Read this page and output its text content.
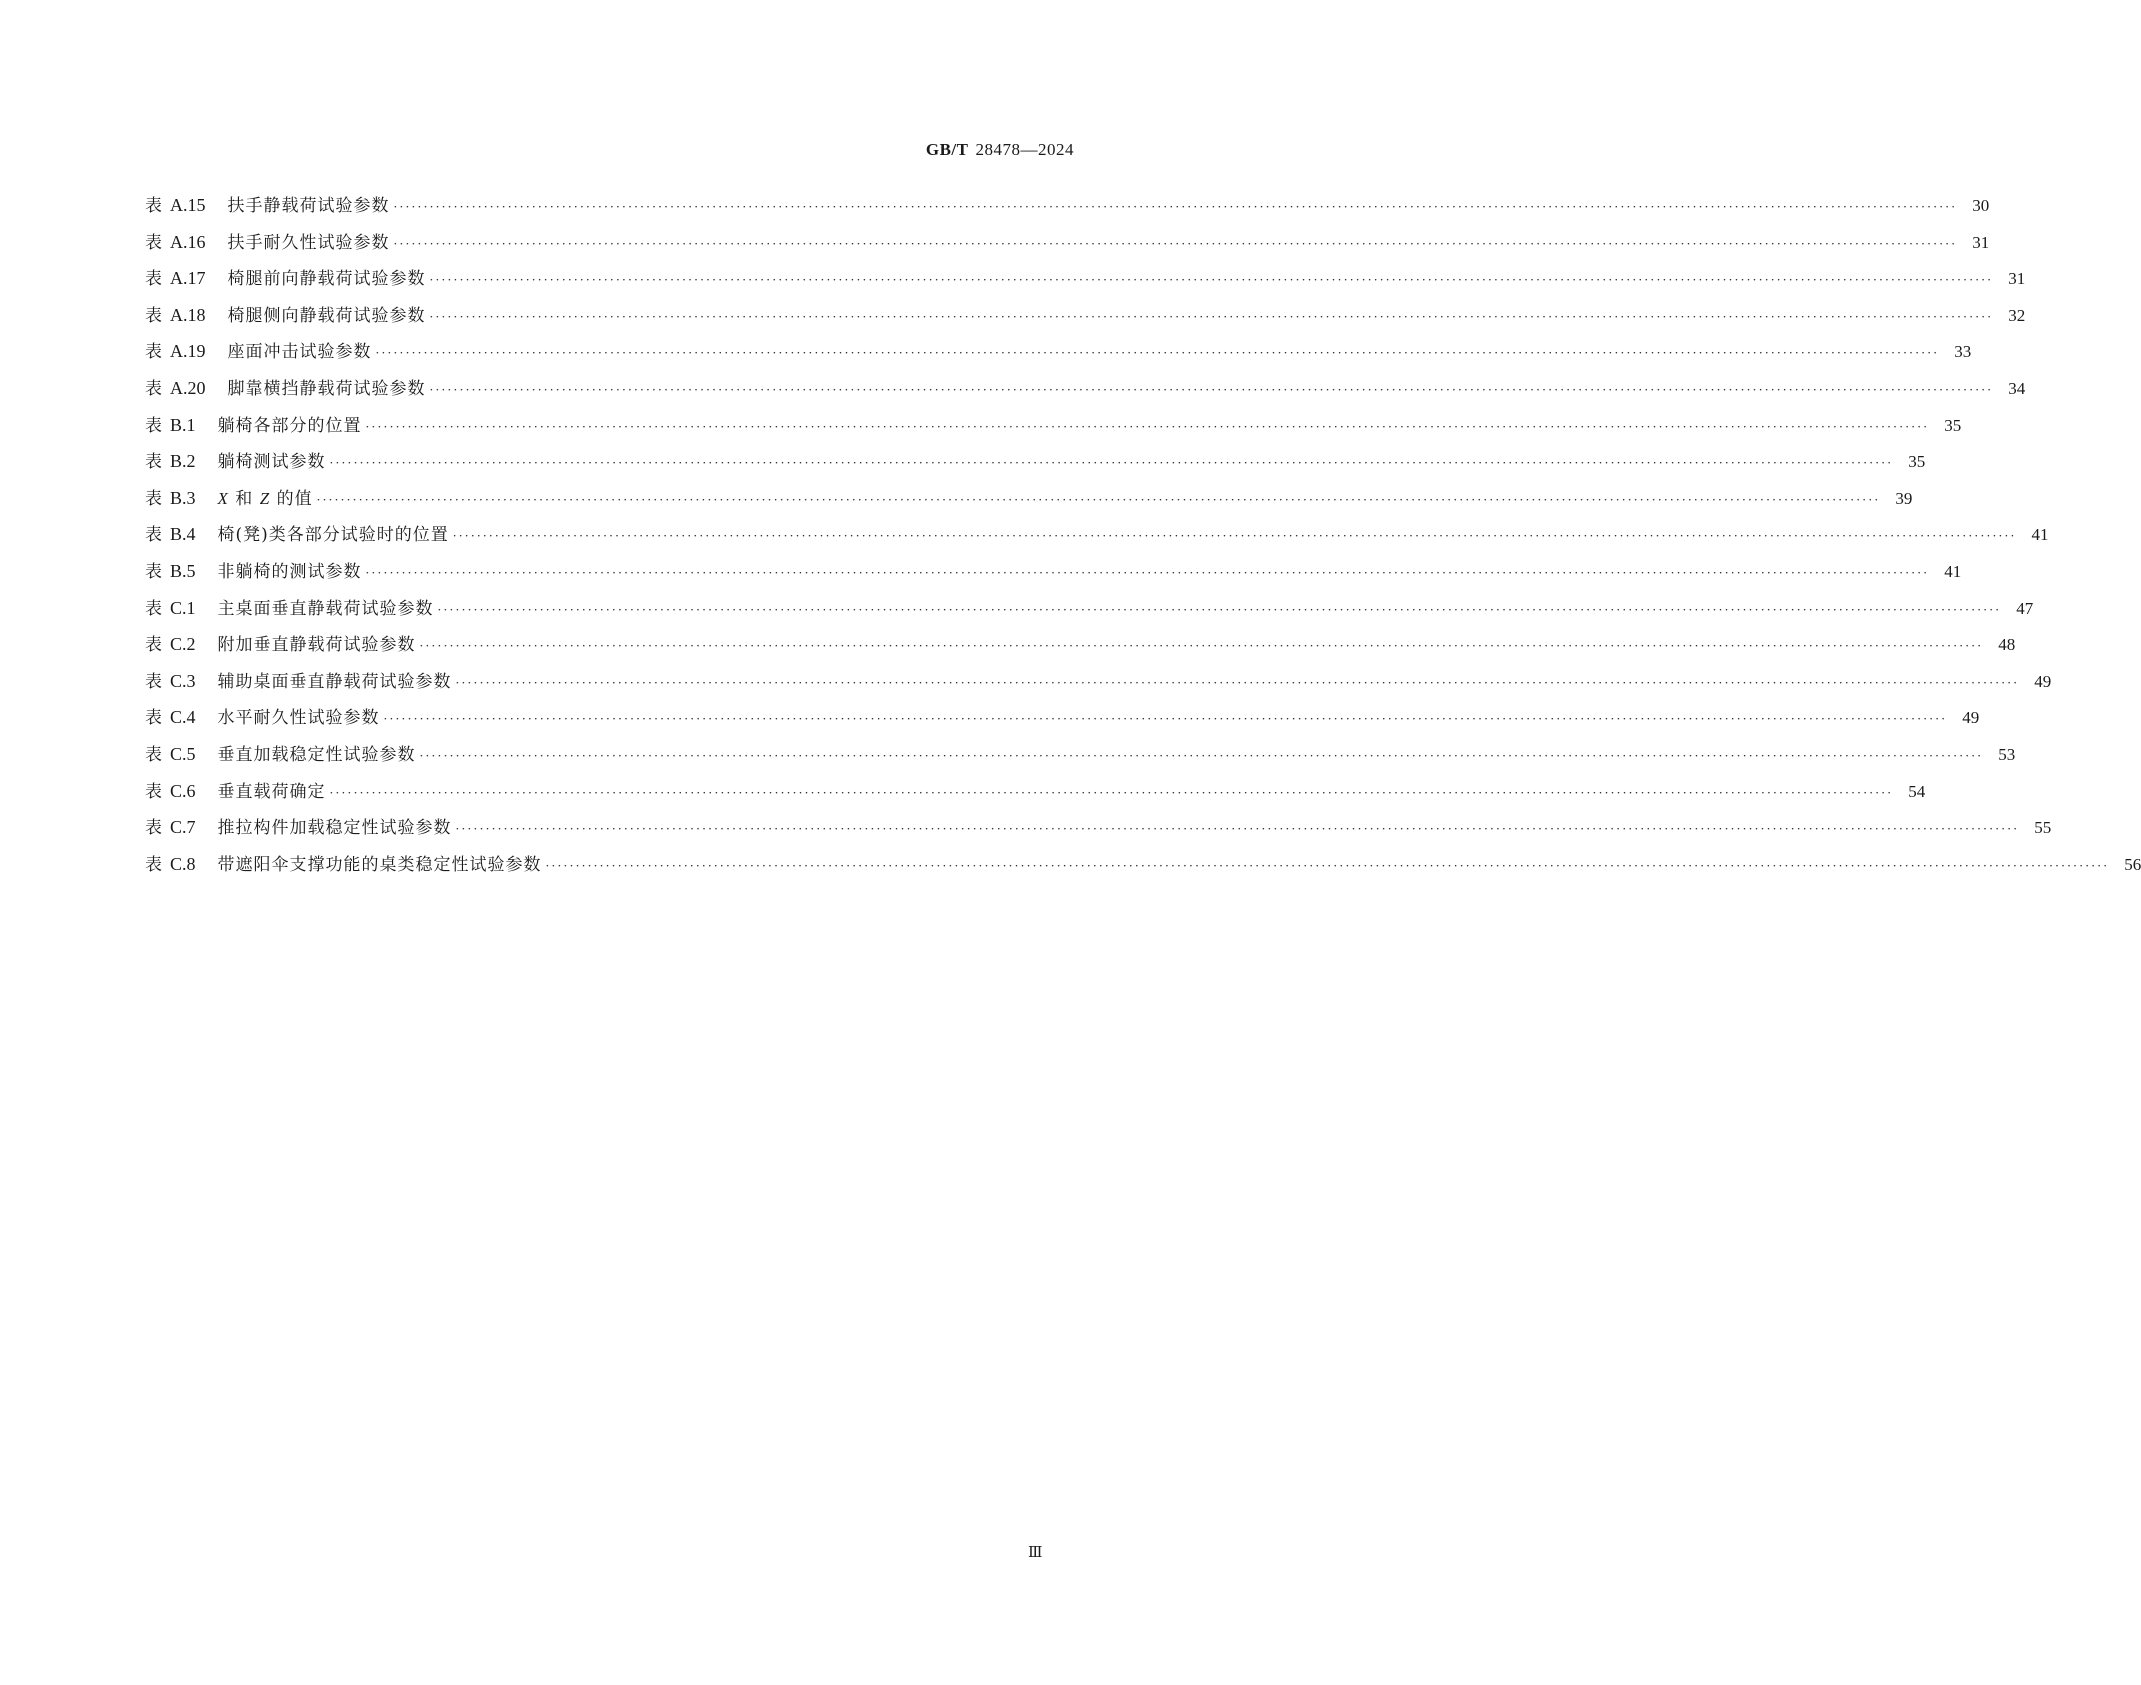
GB/T 28478—2024
表 A.15 扶手静载荷试验参数 ···································································································································································································································································· 30
表 A.16 扶手耐久性试验参数 ···································································································································································································································································· 31
表 A.17 椅腿前向静载荷试验参数 ···································································································································································································································································· 31
表 A.18 椅腿侧向静载荷试验参数 ···································································································································································································································································· 32
表 A.19 座面冲击试验参数 ···································································································································································································································································· 33
表 A.20 脚靠横挡静载荷试验参数 ···································································································································································································································································· 34
表 B.1 躺椅各部分的位置 ···································································································································································································································································· 35
表 B.2 躺椅测试参数 ···································································································································································································································································· 35
表 B.3 X 和 Z 的值 ···································································································································································································································································· 39
表 B.4 椅(凳)类各部分试验时的位置 ···································································································································································································································································· 41
表 B.5 非躺椅的测试参数 ···································································································································································································································································· 41
表 C.1 主桌面垂直静载荷试验参数 ···································································································································································································································································· 47
表 C.2 附加垂直静载荷试验参数 ···································································································································································································································································· 48
表 C.3 辅助桌面垂直静载荷试验参数 ···································································································································································································································································· 49
表 C.4 水平耐久性试验参数 ···································································································································································································································································· 49
表 C.5 垂直加载稳定性试验参数 ···································································································································································································································································· 53
表 C.6 垂直载荷确定 ···································································································································································································································································· 54
表 C.7 推拉构件加载稳定性试验参数 ···································································································································································································································································· 55
表 C.8 带遮阳伞支撑功能的桌类稳定性试验参数 ···································································································································································································································································· 56
Ⅲ
